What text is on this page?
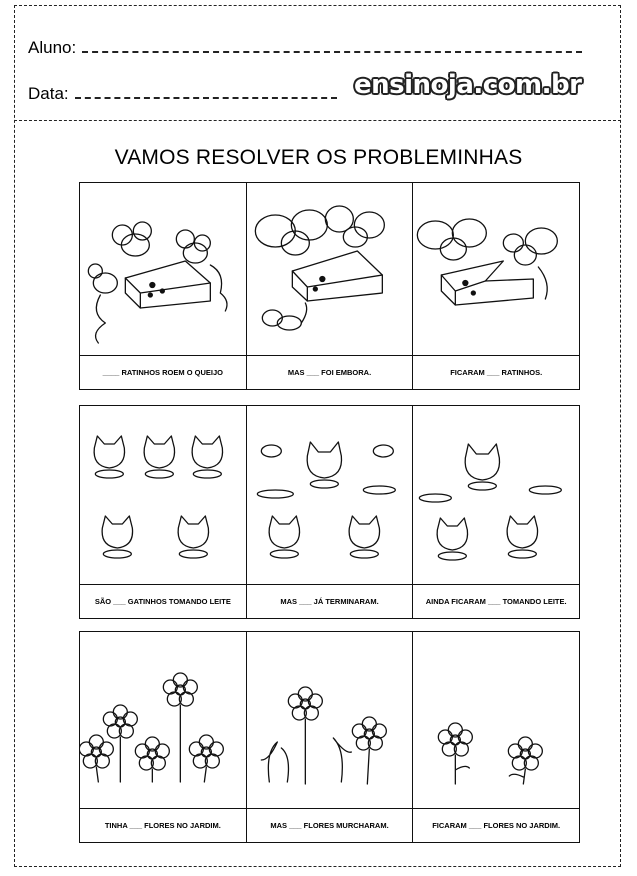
Aluno:
Data:	ensinoja.com.br
VAMOS RESOLVER OS PROBLEMINHAS
____ RATINHOS ROEM O QUEIJO	MAS ___ FOI EMBORA.	FICARAM ___ RATINHOS.
SÃO ___ GATINHOS TOMANDO LEITE	MAS ___ JÁ TERMINARAM.	AINDA FICARAM ___ TOMANDO LEITE.
TINHA ___ FLORES NO JARDIM.	MAS ___ FLORES MURCHARAM.	FICARAM ___ FLORES NO JARDIM.
